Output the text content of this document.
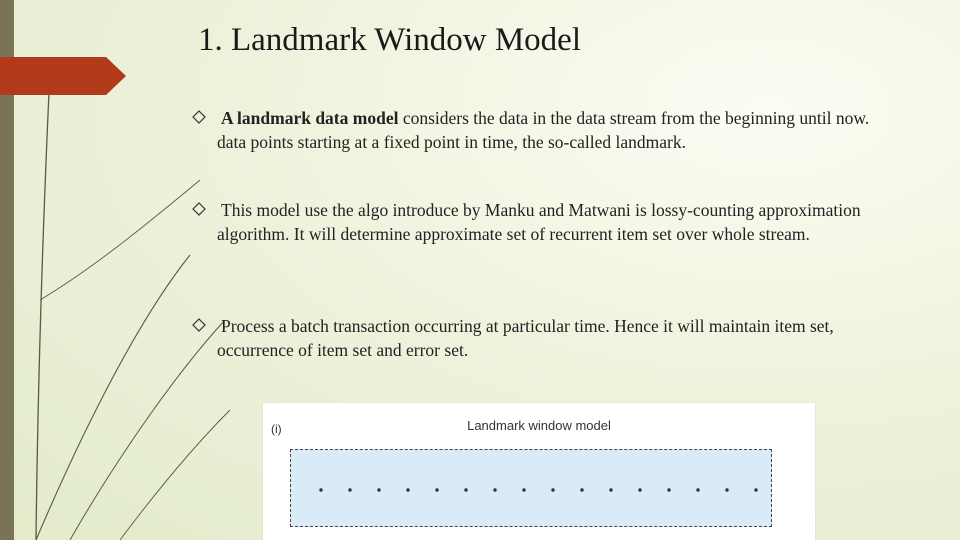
1. Landmark Window Model
A landmark data model considers the data in the data stream from the beginning until now. data points starting at a fixed point in time, the so-called landmark.
This model use the algo introduce by Manku and Matwani is lossy-counting approximation algorithm. It will determine approximate set of recurrent item set over whole stream.
Process a batch transaction occurring at particular time. Hence it will maintain item set, occurrence of item set and error set.
(i)	Landmark window model
